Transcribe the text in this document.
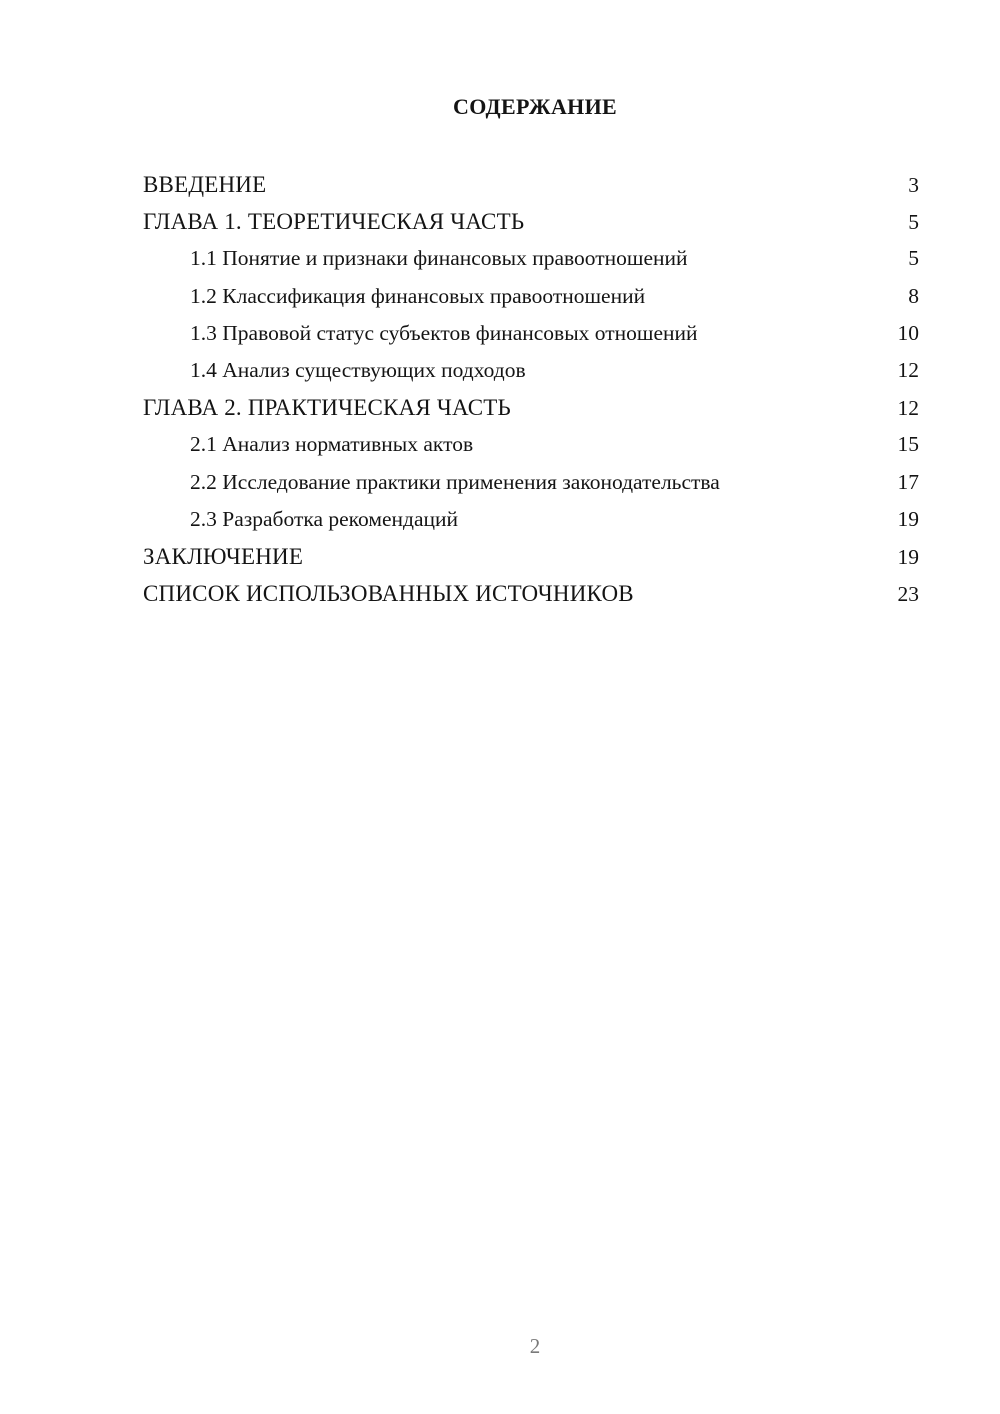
СОДЕРЖАНИЕ
ВВЕДЕНИЕ	3
ГЛАВА 1. ТЕОРЕТИЧЕСКАЯ ЧАСТЬ	5
1.1 Понятие и признаки финансовых правоотношений	5
1.2 Классификация финансовых правоотношений	8
1.3 Правовой статус субъектов финансовых отношений	10
1.4 Анализ существующих подходов	12
ГЛАВА 2. ПРАКТИЧЕСКАЯ ЧАСТЬ	12
2.1 Анализ нормативных актов	15
2.2 Исследование практики применения законодательства	17
2.3 Разработка рекомендаций	19
ЗАКЛЮЧЕНИЕ	19
СПИСОК ИСПОЛЬЗОВАННЫХ ИСТОЧНИКОВ	23
2
